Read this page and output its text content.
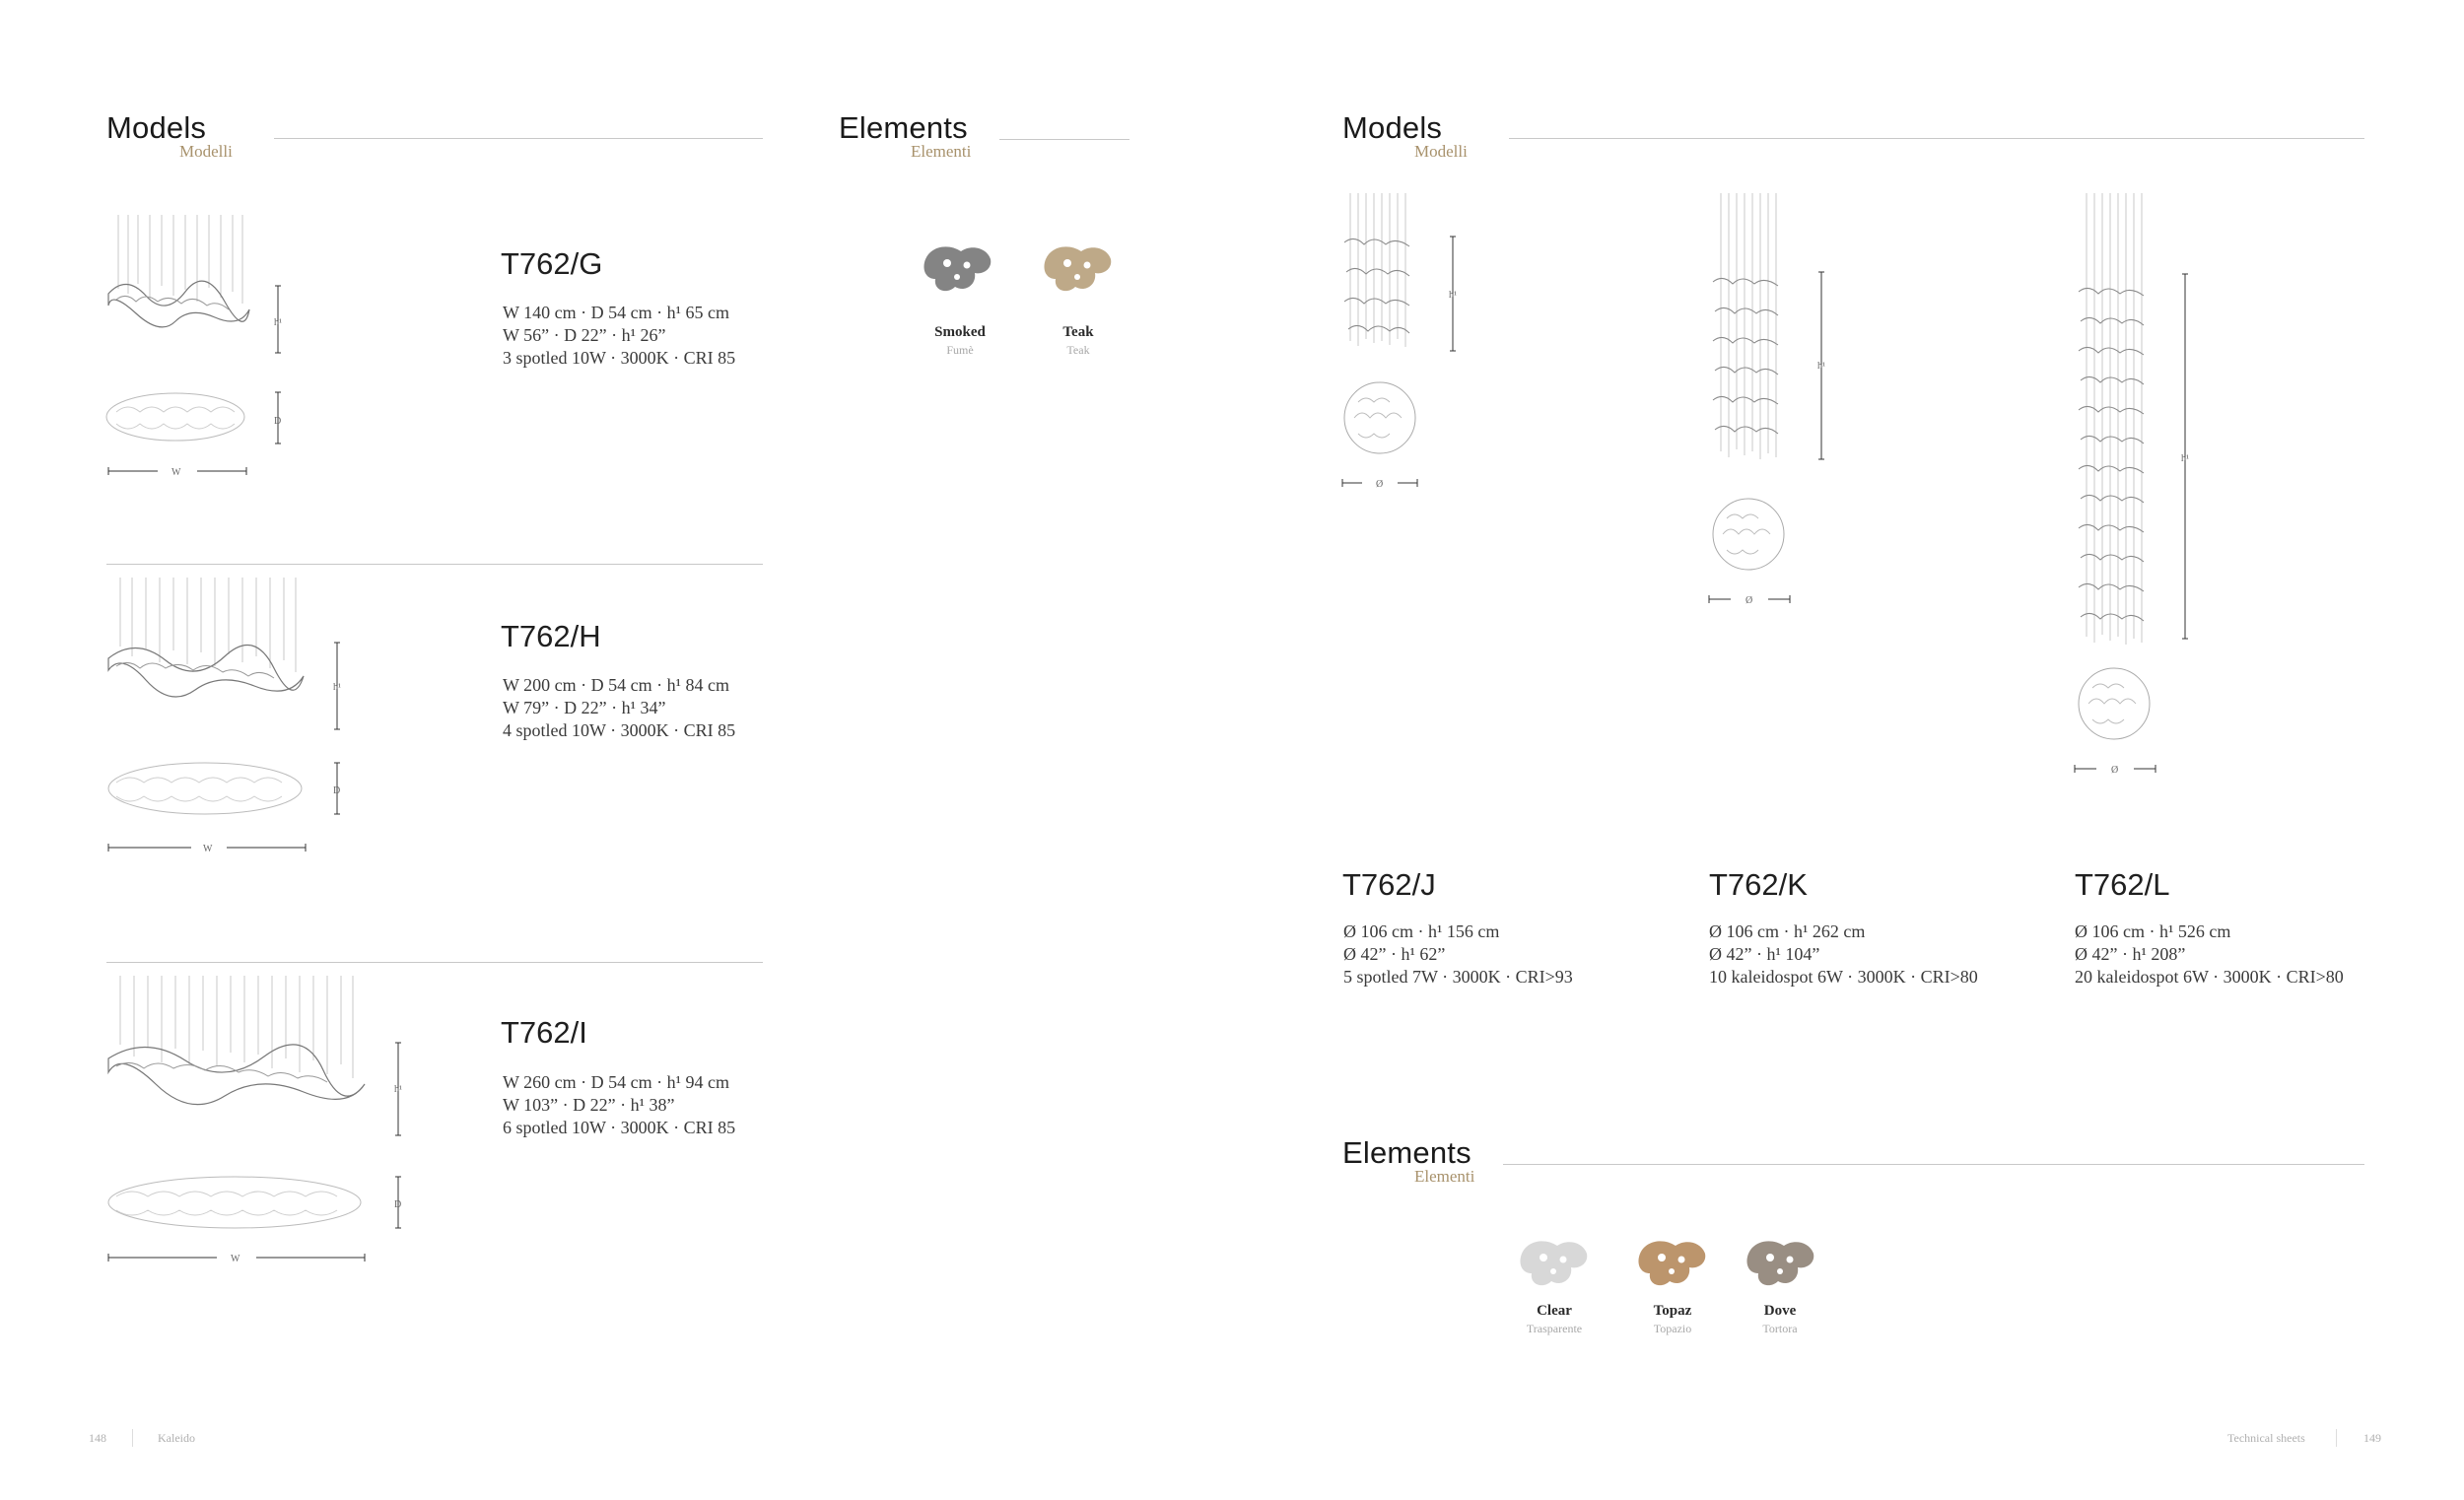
Models
Modelli
Elements
Elementi
Smoked
Fumè
Teak
Teak
h¹
D
W
T762/G
W 140 cm · D 54 cm · h¹ 65 cm
W 56” · D 22” · h¹ 26”
3 spotled 10W · 3000K · CRI 85
h¹
D
W
T762/H
W 200 cm · D 54 cm · h¹ 84 cm
W 79” · D 22” · h¹ 34”
4 spotled 10W · 3000K · CRI 85
h¹
D
W
T762/I
W 260 cm · D 54 cm · h¹ 94 cm
W 103” · D 22” · h¹ 38”
6 spotled 10W · 3000K · CRI 85
148	Kaleido
Models
Modelli
h¹
Ø
h¹
Ø
h¹
Ø
T762/J
Ø 106 cm · h¹ 156 cm
Ø 42” · h¹ 62”
5 spotled 7W · 3000K · CRI>93
T762/K
Ø 106 cm · h¹ 262 cm
Ø 42” · h¹ 104”
10 kaleidospot 6W · 3000K · CRI>80
T762/L
Ø 106 cm · h¹ 526 cm
Ø 42” · h¹ 208”
20 kaleidospot 6W · 3000K · CRI>80
Elements
Elementi
Clear
Trasparente
Topaz
Topazio
Dove
Tortora
Technical sheets	149
